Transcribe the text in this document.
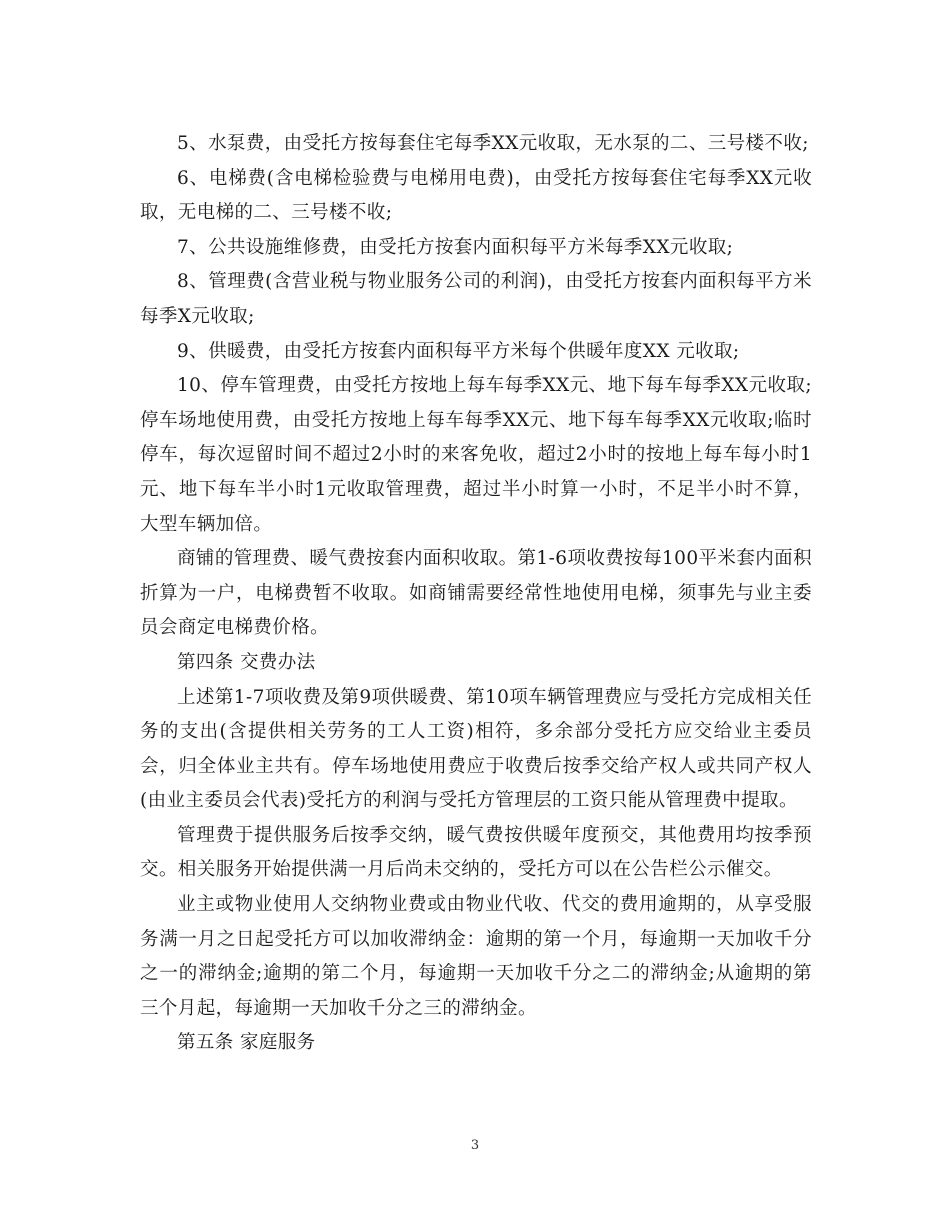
5、水泵费，由受托方按每套住宅每季XX元收取，无水泵的二、三号楼不收;

6、电梯费(含电梯检验费与电梯用电费)，由受托方按每套住宅每季XX元收取，无电梯的二、三号楼不收;

7、公共设施维修费，由受托方按套内面积每平方米每季XX元收取;

8、管理费(含营业税与物业服务公司的利润)，由受托方按套内面积每平方米每季X元收取;

9、供暖费，由受托方按套内面积每平方米每个供暖年度XX 元收取;

10、停车管理费，由受托方按地上每车每季XX元、地下每车每季XX元收取;停车场地使用费，由受托方按地上每车每季XX元、地下每车每季XX元收取;临时停车，每次逗留时间不超过2小时的来客免收，超过2小时的按地上每车每小时1元、地下每车半小时1元收取管理费，超过半小时算一小时，不足半小时不算，大型车辆加倍。

商铺的管理费、暖气费按套内面积收取。第1-6项收费按每100平米套内面积折算为一户，电梯费暂不收取。如商铺需要经常性地使用电梯，须事先与业主委员会商定电梯费价格。

第四条 交费办法

上述第1-7项收费及第9项供暖费、第10项车辆管理费应与受托方完成相关任务的支出(含提供相关劳务的工人工资)相符，多余部分受托方应交给业主委员会，归全体业主共有。停车场地使用费应于收费后按季交给产权人或共同产权人(由业主委员会代表)受托方的利润与受托方管理层的工资只能从管理费中提取。

管理费于提供服务后按季交纳，暖气费按供暖年度预交，其他费用均按季预交。相关服务开始提供满一月后尚未交纳的，受托方可以在公告栏公示催交。

业主或物业使用人交纳物业费或由物业代收、代交的费用逾期的，从享受服务满一月之日起受托方可以加收滞纳金：逾期的第一个月，每逾期一天加收千分之一的滞纳金;逾期的第二个月，每逾期一天加收千分之二的滞纳金;从逾期的第三个月起，每逾期一天加收千分之三的滞纳金。

第五条 家庭服务

3
